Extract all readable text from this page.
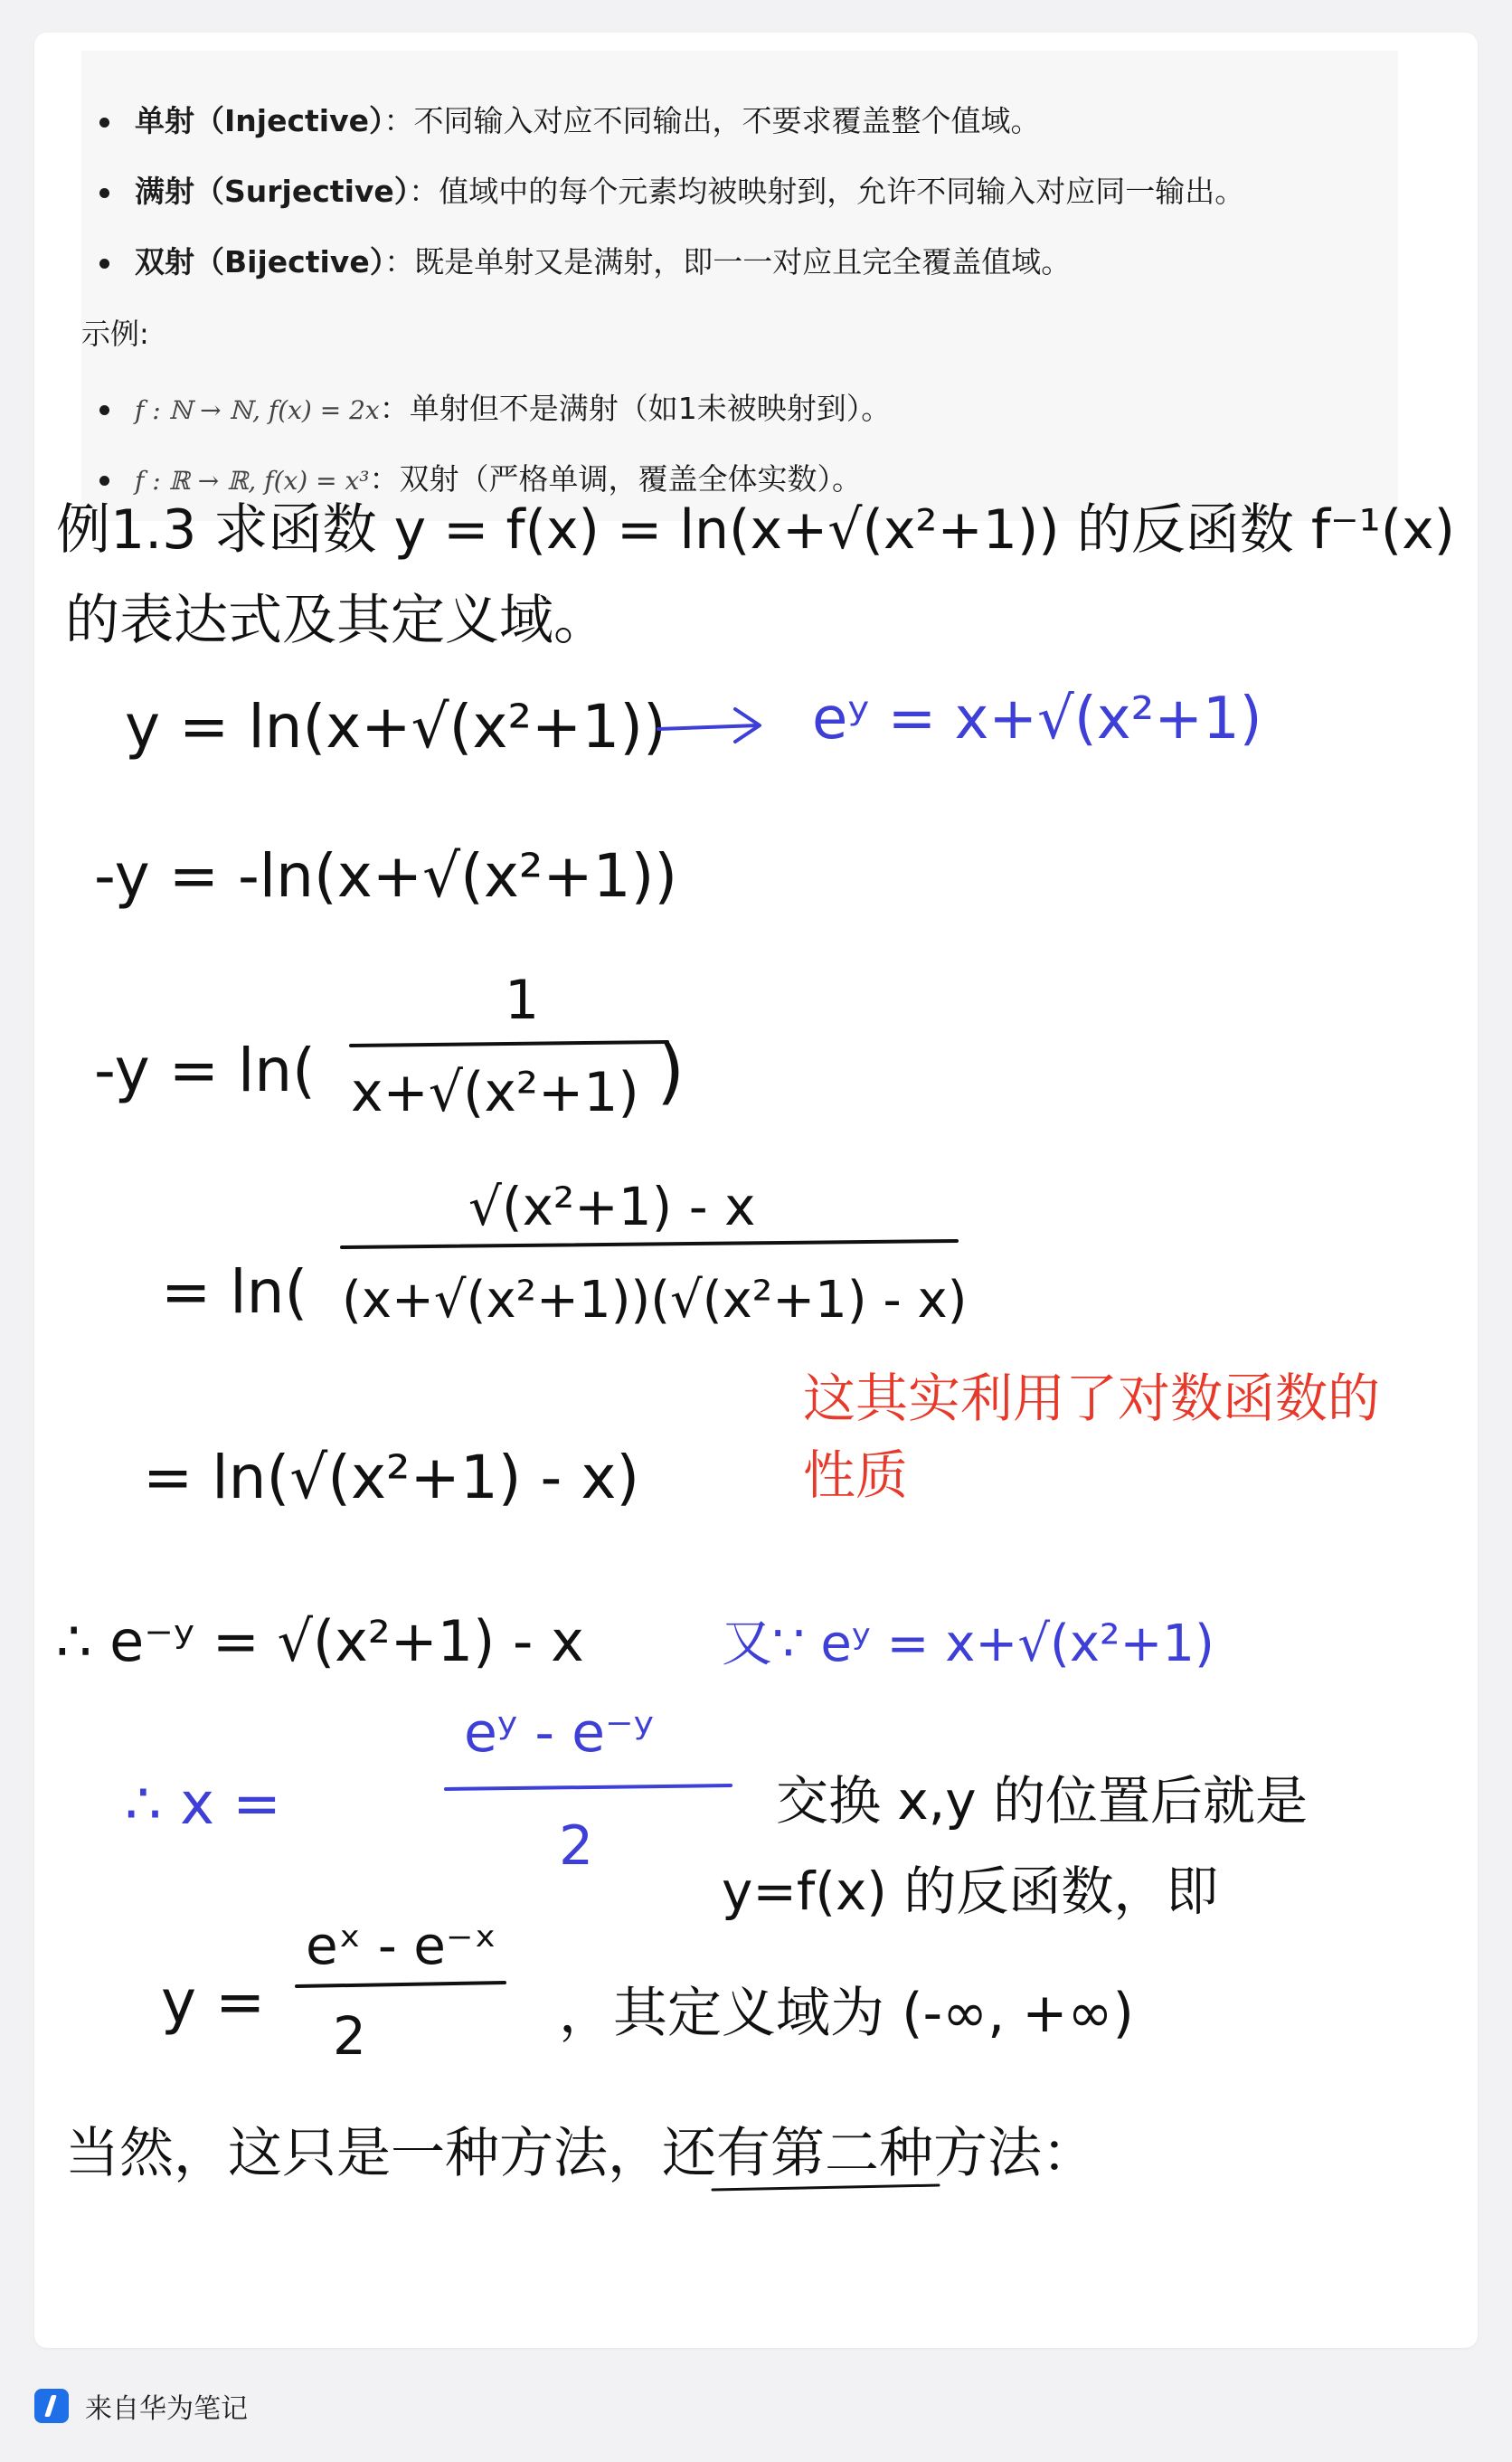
单射（Injective）：不同输入对应不同输出，不要求覆盖整个值域。
满射（Surjective）：值域中的每个元素均被映射到，允许不同输入对应同一输出。
双射（Bijective）：既是单射又是满射，即一一对应且完全覆盖值域。
示例:
f : ℕ → ℕ, f(x) = 2x：单射但不是满射（如1未被映射到）。
f : ℝ → ℝ, f(x) = x³：双射（严格单调，覆盖全体实数）。
例1.3 求函数 y = f(x) = ln(x+√(x²+1)) 的反函数 f⁻¹(x)
的表达式及其定义域。
y = ln(x+√(x²+1))
-y = -ln(x+√(x²+1))
-y = ln(
1
x+√(x²+1) )
= ln(
√(x²+1) - x
(x+√(x²+1))(√(x²+1) - x)
= ln(√(x²+1) - x)
∴ e⁻ʸ = √(x²+1) - x
交换 x,y 的位置后就是
y=f(x) 的反函数，即
y =
eˣ - e⁻ˣ
2	，其定义域为 (-∞, +∞)
当然，这只是一种方法，还有第二种方法：
eʸ = x+√(x²+1)
又∵ eʸ = x+√(x²+1)
∴ x =
eʸ - e⁻ʸ
2
这其实利用了对数函数的
性质
来自华为笔记
